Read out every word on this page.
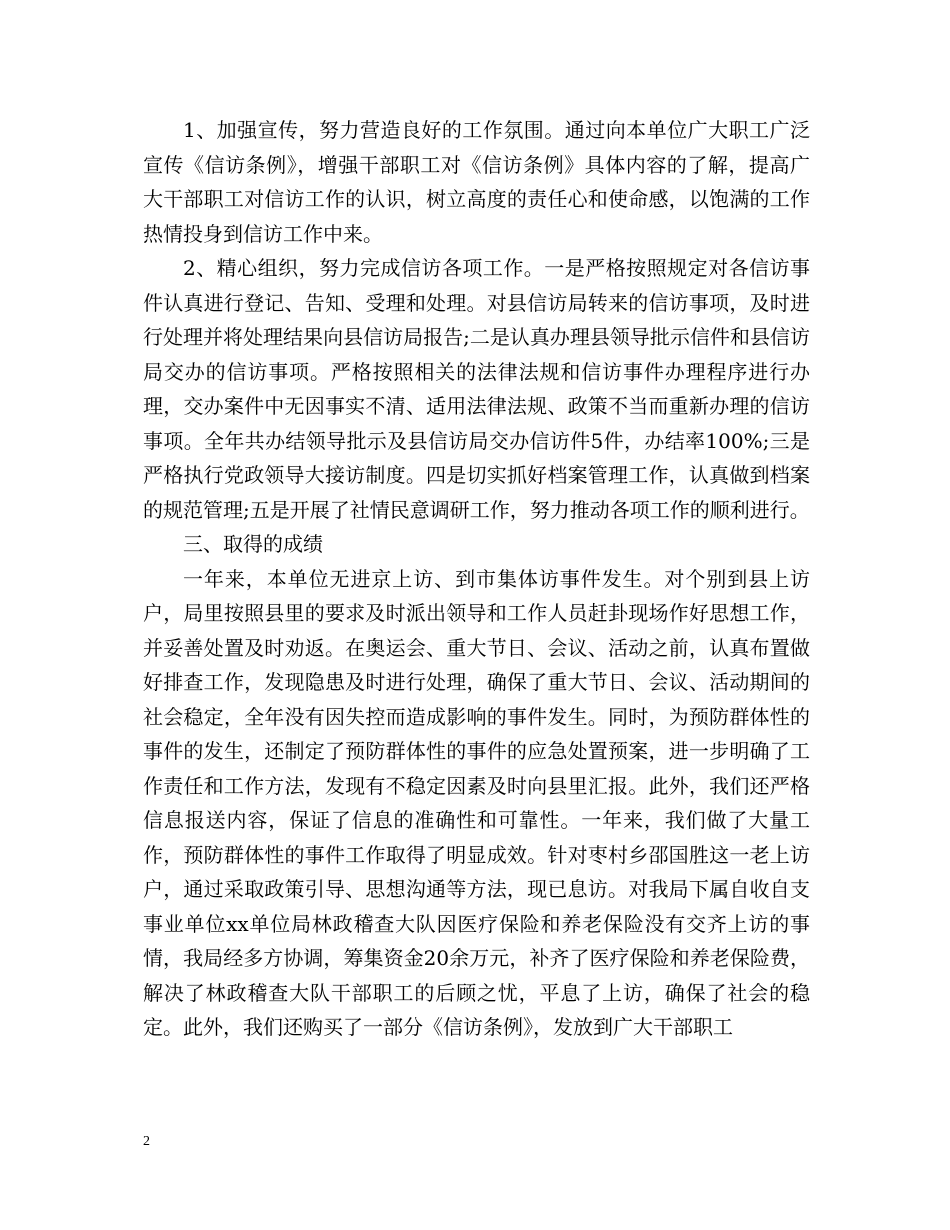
1、加强宣传，努力营造良好的工作氛围。通过向本单位广大职工广泛宣传《信访条例》，增强干部职工对《信访条例》具体内容的了解，提高广大干部职工对信访工作的认识，树立高度的责任心和使命感，以饱满的工作热情投身到信访工作中来。

2、精心组织，努力完成信访各项工作。一是严格按照规定对各信访事件认真进行登记、告知、受理和处理。对县信访局转来的信访事项，及时进行处理并将处理结果向县信访局报告;二是认真办理县领导批示信件和县信访局交办的信访事项。严格按照相关的法律法规和信访事件办理程序进行办理，交办案件中无因事实不清、适用法律法规、政策不当而重新办理的信访事项。全年共办结领导批示及县信访局交办信访件5件，办结率100%;三是严格执行党政领导大接访制度。四是切实抓好档案管理工作，认真做到档案的规范管理;五是开展了社情民意调研工作，努力推动各项工作的顺利进行。

三、取得的成绩

一年来，本单位无进京上访、到市集体访事件发生。对个别到县上访户，局里按照县里的要求及时派出领导和工作人员赶卦现场作好思想工作，并妥善处置及时劝返。在奥运会、重大节日、会议、活动之前，认真布置做好排查工作，发现隐患及时进行处理，确保了重大节日、会议、活动期间的社会稳定，全年没有因失控而造成影响的事件发生。同时，为预防群体性的事件的发生，还制定了预防群体性的事件的应急处置预案，进一步明确了工作责任和工作方法，发现有不稳定因素及时向县里汇报。此外，我们还严格信息报送内容，保证了信息的准确性和可靠性。一年来，我们做了大量工作，预防群体性的事件工作取得了明显成效。针对枣村乡邵国胜这一老上访户，通过采取政策引导、思想沟通等方法，现已息访。对我局下属自收自支事业单位xx单位局林政稽查大队因医疗保险和养老保险没有交齐上访的事情，我局经多方协调，筹集资金20余万元，补齐了医疗保险和养老保险费，解决了林政稽查大队干部职工的后顾之忧，平息了上访，确保了社会的稳定。此外，我们还购买了一部分《信访条例》，发放到广大干部职工

2
